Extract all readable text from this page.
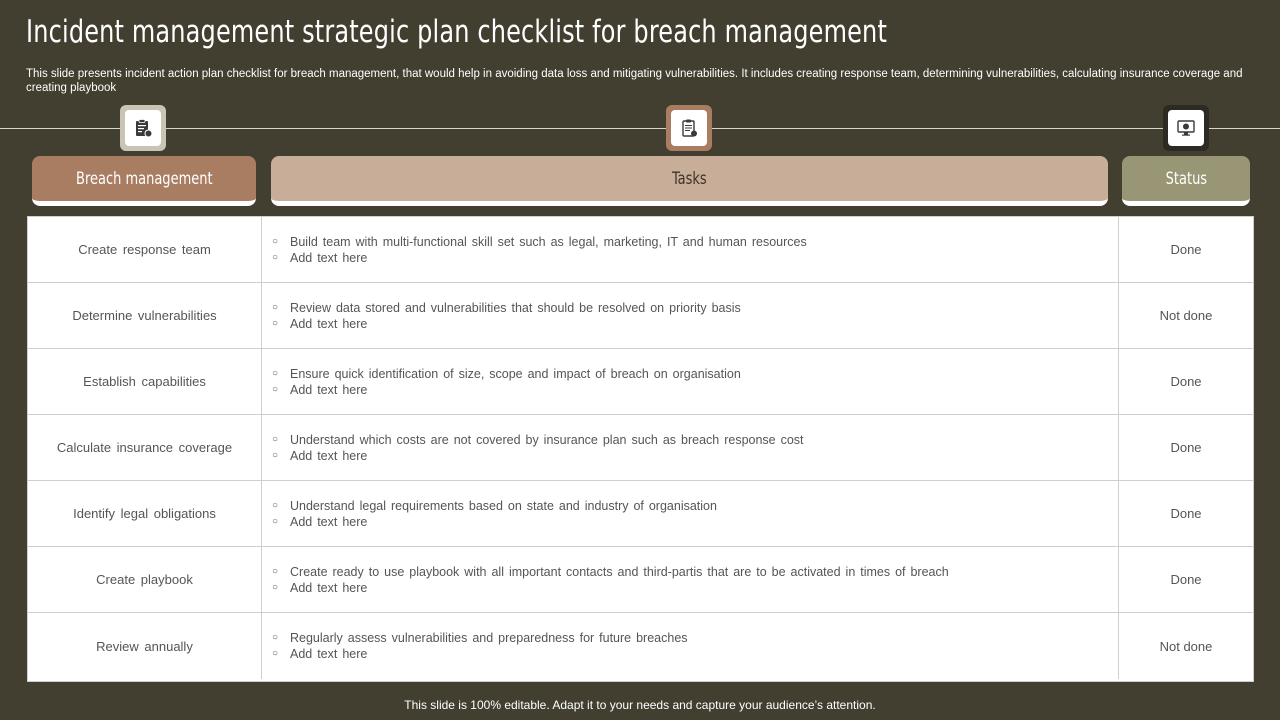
Incident management strategic plan checklist for breach management
This slide presents incident action plan checklist for breach management, that would help in avoiding data loss and mitigating vulnerabilities. It includes creating response team, determining vulnerabilities, calculating insurance coverage and creating playbook
Breach management	Tasks	Status
Create response team
○ Build team with multi-functional skill set such as legal, marketing, IT and human resources
○ Add text here
Done
Determine vulnerabilities
○ Review data stored and vulnerabilities that should be resolved on priority basis
○ Add text here
Not done
Establish capabilities
○ Ensure quick identification of size, scope and impact of breach on organisation
○ Add text here
Done
Calculate insurance coverage
○ Understand which costs are not covered by insurance plan such as breach response cost
○ Add text here
Done
Identify legal obligations
○ Understand legal requirements based on state and industry of organisation
○ Add text here
Done
Create playbook
○ Create ready to use playbook with all important contacts and third-partis that are to be activated in times of breach
○ Add text here
Done
Review annually
○ Regularly assess vulnerabilities and preparedness for future breaches
○ Add text here
Not done
This slide is 100% editable. Adapt it to your needs and capture your audience’s attention.
